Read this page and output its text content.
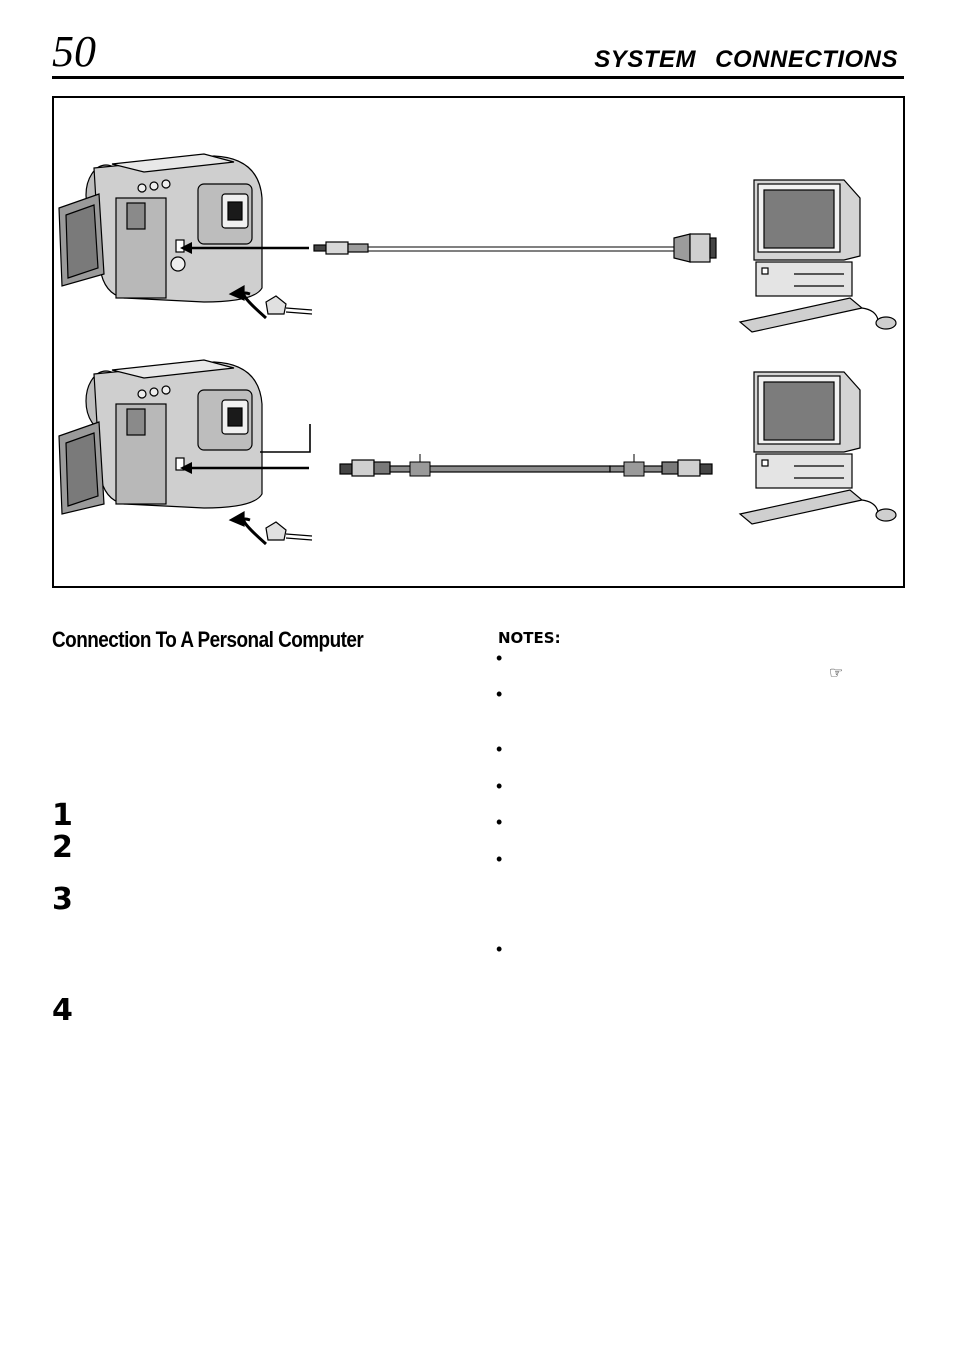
50	SYSTEM CONNECTIONS
Connection To A Personal Computer
1
2
3
4
NOTES:
•
☞
•
•
•
•
•
•
